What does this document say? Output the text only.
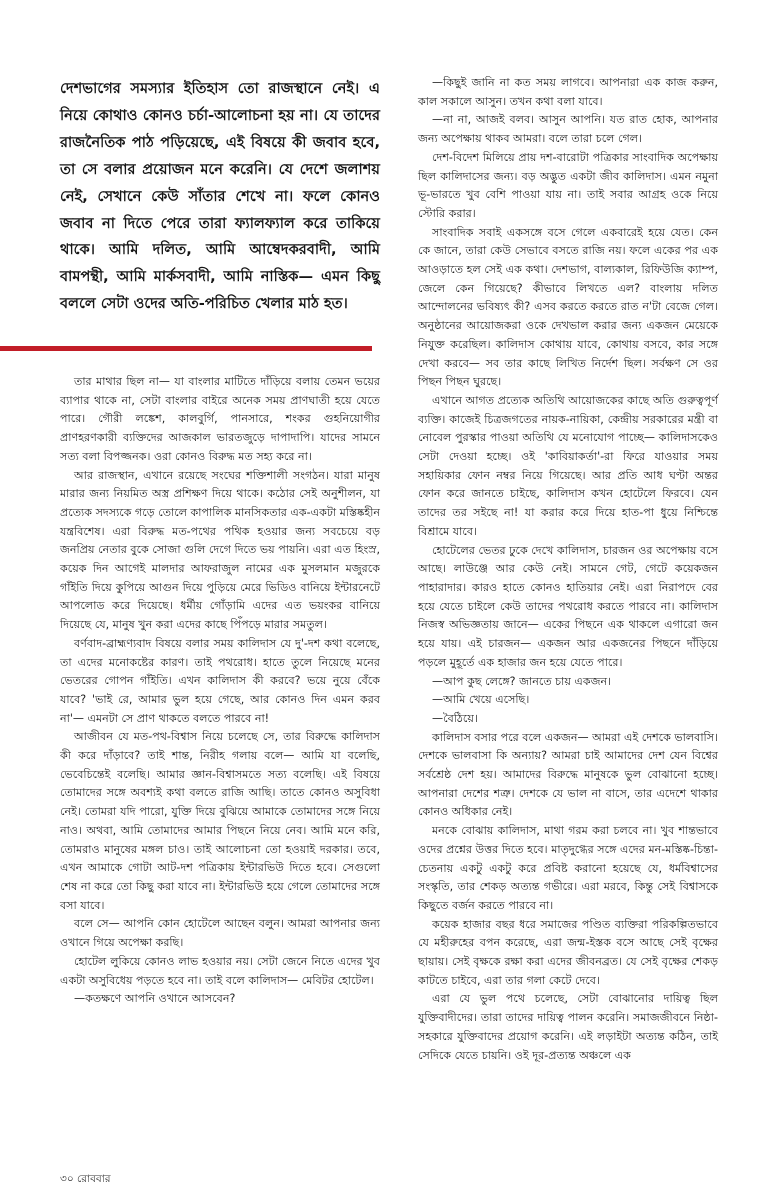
দেশভাগের সমস্যার ইতিহাস তো রাজস্থানে নেই। এ নিয়ে কোথাও কোনও চর্চা-আলোচনা হয় না। যে তাদের রাজনৈতিক পাঠ পড়িয়েছে, এই বিষয়ে কী জবাব হবে, তা সে বলার প্রয়োজন মনে করেনি। যে দেশে জলাশয় নেই, সেখানে কেউ সাঁতার শেখে না। ফলে কোনও জবাব না দিতে পেরে তারা ফ্যালফ্যাল করে তাকিয়ে থাকে। আমি দলিত, আমি আম্বেদকরবাদী, আমি বামপন্থী, আমি মার্কসবাদী, আমি নাস্তিক— এমন কিছু বললে সেটা ওদের অতি-পরিচিত খেলার মাঠ হত।

তার মাথার ছিল না— যা বাংলার মাটিতে দাঁড়িয়ে বলায় তেমন ভয়ের ব্যাপার থাকে না, সেটা বাংলার বাইরে অনেক সময় প্রাণঘাতী হয়ে যেতে পারে। গৌরী লঙ্কেশ, কালবুর্গি, পানসারে, শংকর গুহনিয়োগীর প্রাণহরণকারী ব্যক্তিদের আজকাল ভারতজুড়ে দাপাদাপি। যাদের সামনে সত্য বলা বিপজ্জনক। ওরা কোনও বিরুদ্ধ মত সহ্য করে না।

আর রাজস্থান, এখানে রয়েছে সংঘের শক্তিশালী সংগঠন। যারা মানুষ মারার জন্য নিয়মিত অস্ত্র প্রশিক্ষণ দিয়ে থাকে। কঠোর সেই অনুশীলন, যা প্রত্যেক সদস্যকে গড়ে তোলে কাপালিক মানসিকতার এক-একটা মস্তিষ্কহীন যন্ত্রবিশেষ। এরা বিরুদ্ধ মত-পথের পথিক হওয়ার জন্য সবচেয়ে বড় জনপ্রিয় নেতার বুকে সোজা গুলি দেগে দিতে ভয় পায়নি। এরা এত হিংস্র, কয়েক দিন আগেই মালদার আফরাজুল নামের এক মুসলমান মজুরকে গাঁইতি দিয়ে কুপিয়ে আগুন দিয়ে পুড়িয়ে মেরে ভিডিও বানিয়ে ইন্টারনেটে আপলোড করে দিয়েছে। ধর্মীয় গোঁড়ামি এদের এত ভয়ংকর বানিয়ে দিয়েছে যে, মানুষ খুন করা এদের কাছে পিঁপড়ে মারার সমতুল।

বর্ণবাদ-ব্রাহ্মণ্যবাদ বিষয়ে বলার সময় কালিদাস যে দু'-দশ কথা বলেছে, তা এদের মনোকষ্টের কারণ। তাই পথরোধ। হাতে তুলে নিয়েছে মনের ভেতরের গোপন গাঁইতি। এখন কালিদাস কী করবে? ভয়ে নুয়ে বেঁকে যাবে? 'ভাই রে, আমার ভুল হয়ে গেছে, আর কোনও দিন এমন করব না'— এমনটা সে প্রাণ থাকতে বলতে পারবে না!

আজীবন যে মত-পথ-বিশ্বাস নিয়ে চলেছে সে, তার বিরুদ্ধে কালিদাস কী করে দাঁড়াবে? তাই শান্ত, নিরীহ গলায় বলে— আমি যা বলেছি, ভেবেচিন্তেই বলেছি। আমার জ্ঞান-বিশ্বাসমতে সত্য বলেছি। এই বিষয়ে তোমাদের সঙ্গে অবশ্যই কথা বলতে রাজি আছি। তাতে কোনও অসুবিধা নেই। তোমরা যদি পারো, যুক্তি দিয়ে বুঝিয়ে আমাকে তোমাদের সঙ্গে নিয়ে নাও। অথবা, আমি তোমাদের আমার পিছনে নিয়ে নেব। আমি মনে করি, তোমরাও মানুষের মঙ্গল চাও। তাই আলোচনা তো হওয়াই দরকার। তবে, এখন আমাকে গোটা আট-দশ পত্রিকায় ইন্টারভিউ দিতে হবে। সেগুলো শেষ না করে তো কিছু করা যাবে না। ইন্টারভিউ হয়ে গেলে তোমাদের সঙ্গে বসা যাবে।

বলে সে— আপনি কোন হোটেলে আছেন বলুন। আমরা আপনার জন্য ওখানে গিয়ে অপেক্ষা করছি।

হোটেল লুকিয়ে কোনও লাভ হওয়ার নয়। সেটা জেনে নিতে এদের খুব একটা অসুবিধেয় পড়তে হবে না। তাই বলে কালিদাস— মেবিটর হোটেল।

—কতক্ষণে আপনি ওখানে আসবেন?

—কিছুই জানি না কত সময় লাগবে। আপনারা এক কাজ করুন, কাল সকালে আসুন। তখন কথা বলা যাবে।

—না না, আজই বলব। আসুন আপনি। যত রাত হোক, আপনার জন্য অপেক্ষায় থাকব আমরা। বলে তারা চলে গেল।

দেশ-বিদেশ মিলিয়ে প্রায় দশ-বারোটা পত্রিকার সাংবাদিক অপেক্ষায় ছিল কালিদাসের জন্য। বড় অদ্ভুত একটা জীব কালিদাস। এমন নমুনা ভূ-ভারতে খুব বেশি পাওয়া যায় না। তাই সবার আগ্রহ ওকে নিয়ে স্টোরি করার।

সাংবাদিক সবাই একসঙ্গে বসে গেলে একবারেই হয়ে যেত। কেন কে জানে, তারা কেউ সেভাবে বসতে রাজি নয়। ফলে একের পর এক আওড়াতে হল সেই এক কথা। দেশভাগ, বাল্যকাল, রিফিউজি ক্যাম্প, জেলে কেন গিয়েছে? কীভাবে লিখতে এল? বাংলায় দলিত আন্দোলনের ভবিষ্যৎ কী? এসব করতে করতে রাত ন'টা বেজে গেল। অনুষ্ঠানের আয়োজকরা ওকে দেখভাল করার জন্য একজন মেয়েকে নিযুক্ত করেছিল। কালিদাস কোথায় যাবে, কোথায় বসবে, কার সঙ্গে দেখা করবে— সব তার কাছে লিখিত নির্দেশ ছিল। সর্বক্ষণ সে ওর পিছন পিছন ঘুরছে।

এখানে আগত প্রত্যেক অতিথি আয়োজকের কাছে অতি গুরুত্বপূর্ণ ব্যক্তি। কাজেই চিত্রজগতের নায়ক-নায়িকা, কেন্দ্রীয় সরকারের মন্ত্রী বা নোবেল পুরস্কার পাওয়া অতিথি যে মনোযোগ পাচ্ছে— কালিদাসকেও সেটা দেওয়া হচ্ছে। ওই 'কাবিয়াকর্তা'-রা ফিরে যাওয়ার সময় সহায়িকার ফোন নম্বর নিয়ে গিয়েছে। আর প্রতি আধ ঘণ্টা অন্তর ফোন করে জানতে চাইছে, কালিদাস কখন হোটেলে ফিরবে। যেন তাদের তর সইছে না! যা করার করে দিয়ে হাত-পা ধুয়ে নিশ্চিন্তে বিশ্রামে যাবে।

হোটেলের ভেতর ঢুকে দেখে কালিদাস, চারজন ওর অপেক্ষায় বসে আছে। লাউঞ্জে আর কেউ নেই। সামনে গেট, গেটে কয়েকজন পাহারাদার। কারও হাতে কোনও হাতিয়ার নেই। এরা নিরাপদে বের হয়ে যেতে চাইলে কেউ তাদের পথরোধ করতে পারবে না। কালিদাস নিজস্ব অভিজ্ঞতায় জানে— একের পিছনে এক থাকলে এগারো জন হয়ে যায়। এই চারজন— একজন আর একজনের পিছনে দাঁড়িয়ে পড়লে মুহূর্তে এক হাজার জন হয়ে যেতে পারে।

—আপ কুছ লেঙ্গে? জানতে চায় একজন।

—আমি খেয়ে এসেছি।

—বৈঠিয়ে।

কালিদাস বসার পরে বলে একজন— আমরা এই দেশকে ভালবাসি। দেশকে ভালবাসা কি অন্যায়? আমরা চাই আমাদের দেশ যেন বিশ্বের সর্বশ্রেষ্ঠ দেশ হয়। আমাদের বিরুদ্ধে মানুষকে ভুল বোঝানো হচ্ছে। আপনারা দেশের শত্রু। দেশকে যে ভাল না বাসে, তার এদেশে থাকার কোনও অধিকার নেই।

মনকে বোঝায় কালিদাস, মাথা গরম করা চলবে না। খুব শান্তভাবে ওদের প্রশ্নের উত্তর দিতে হবে। মাতৃদুগ্ধের সঙ্গে এদের মন-মস্তিষ্ক-চিন্তা-চেতনায় একটু একটু করে প্রবিষ্ট করানো হয়েছে যে, ধর্মবিশ্বাসের সংস্কৃতি, তার শেকড় অত্যন্ত গভীরে। এরা মরবে, কিন্তু সেই বিশ্বাসকে কিছুতে বর্জন করতে পারবে না।

কয়েক হাজার বছর ধরে সমাজের পণ্ডিত ব্যক্তিরা পরিকল্পিতভাবে যে মহীরুহের বপন করেছে, এরা জন্ম-ইস্তক বসে আছে সেই বৃক্ষের ছায়ায়। সেই বৃক্ষকে রক্ষা করা এদের জীবনব্রত। যে সেই বৃক্ষের শেকড় কাটতে চাইবে, এরা তার গলা কেটে দেবে।

এরা যে ভুল পথে চলেছে, সেটা বোঝানোর দায়িত্ব ছিল যুক্তিবাদীদের। তারা তাদের দায়িত্ব পালন করেনি। সমাজজীবনে নিষ্ঠা-সহকারে যুক্তিবাদের প্রয়োগ করেনি। এই লড়াইটা অত্যন্ত কঠিন, তাই সেদিকে যেতে চায়নি। ওই দূর-প্রত্যন্ত অঞ্চলে এক

৩০ রোববার
